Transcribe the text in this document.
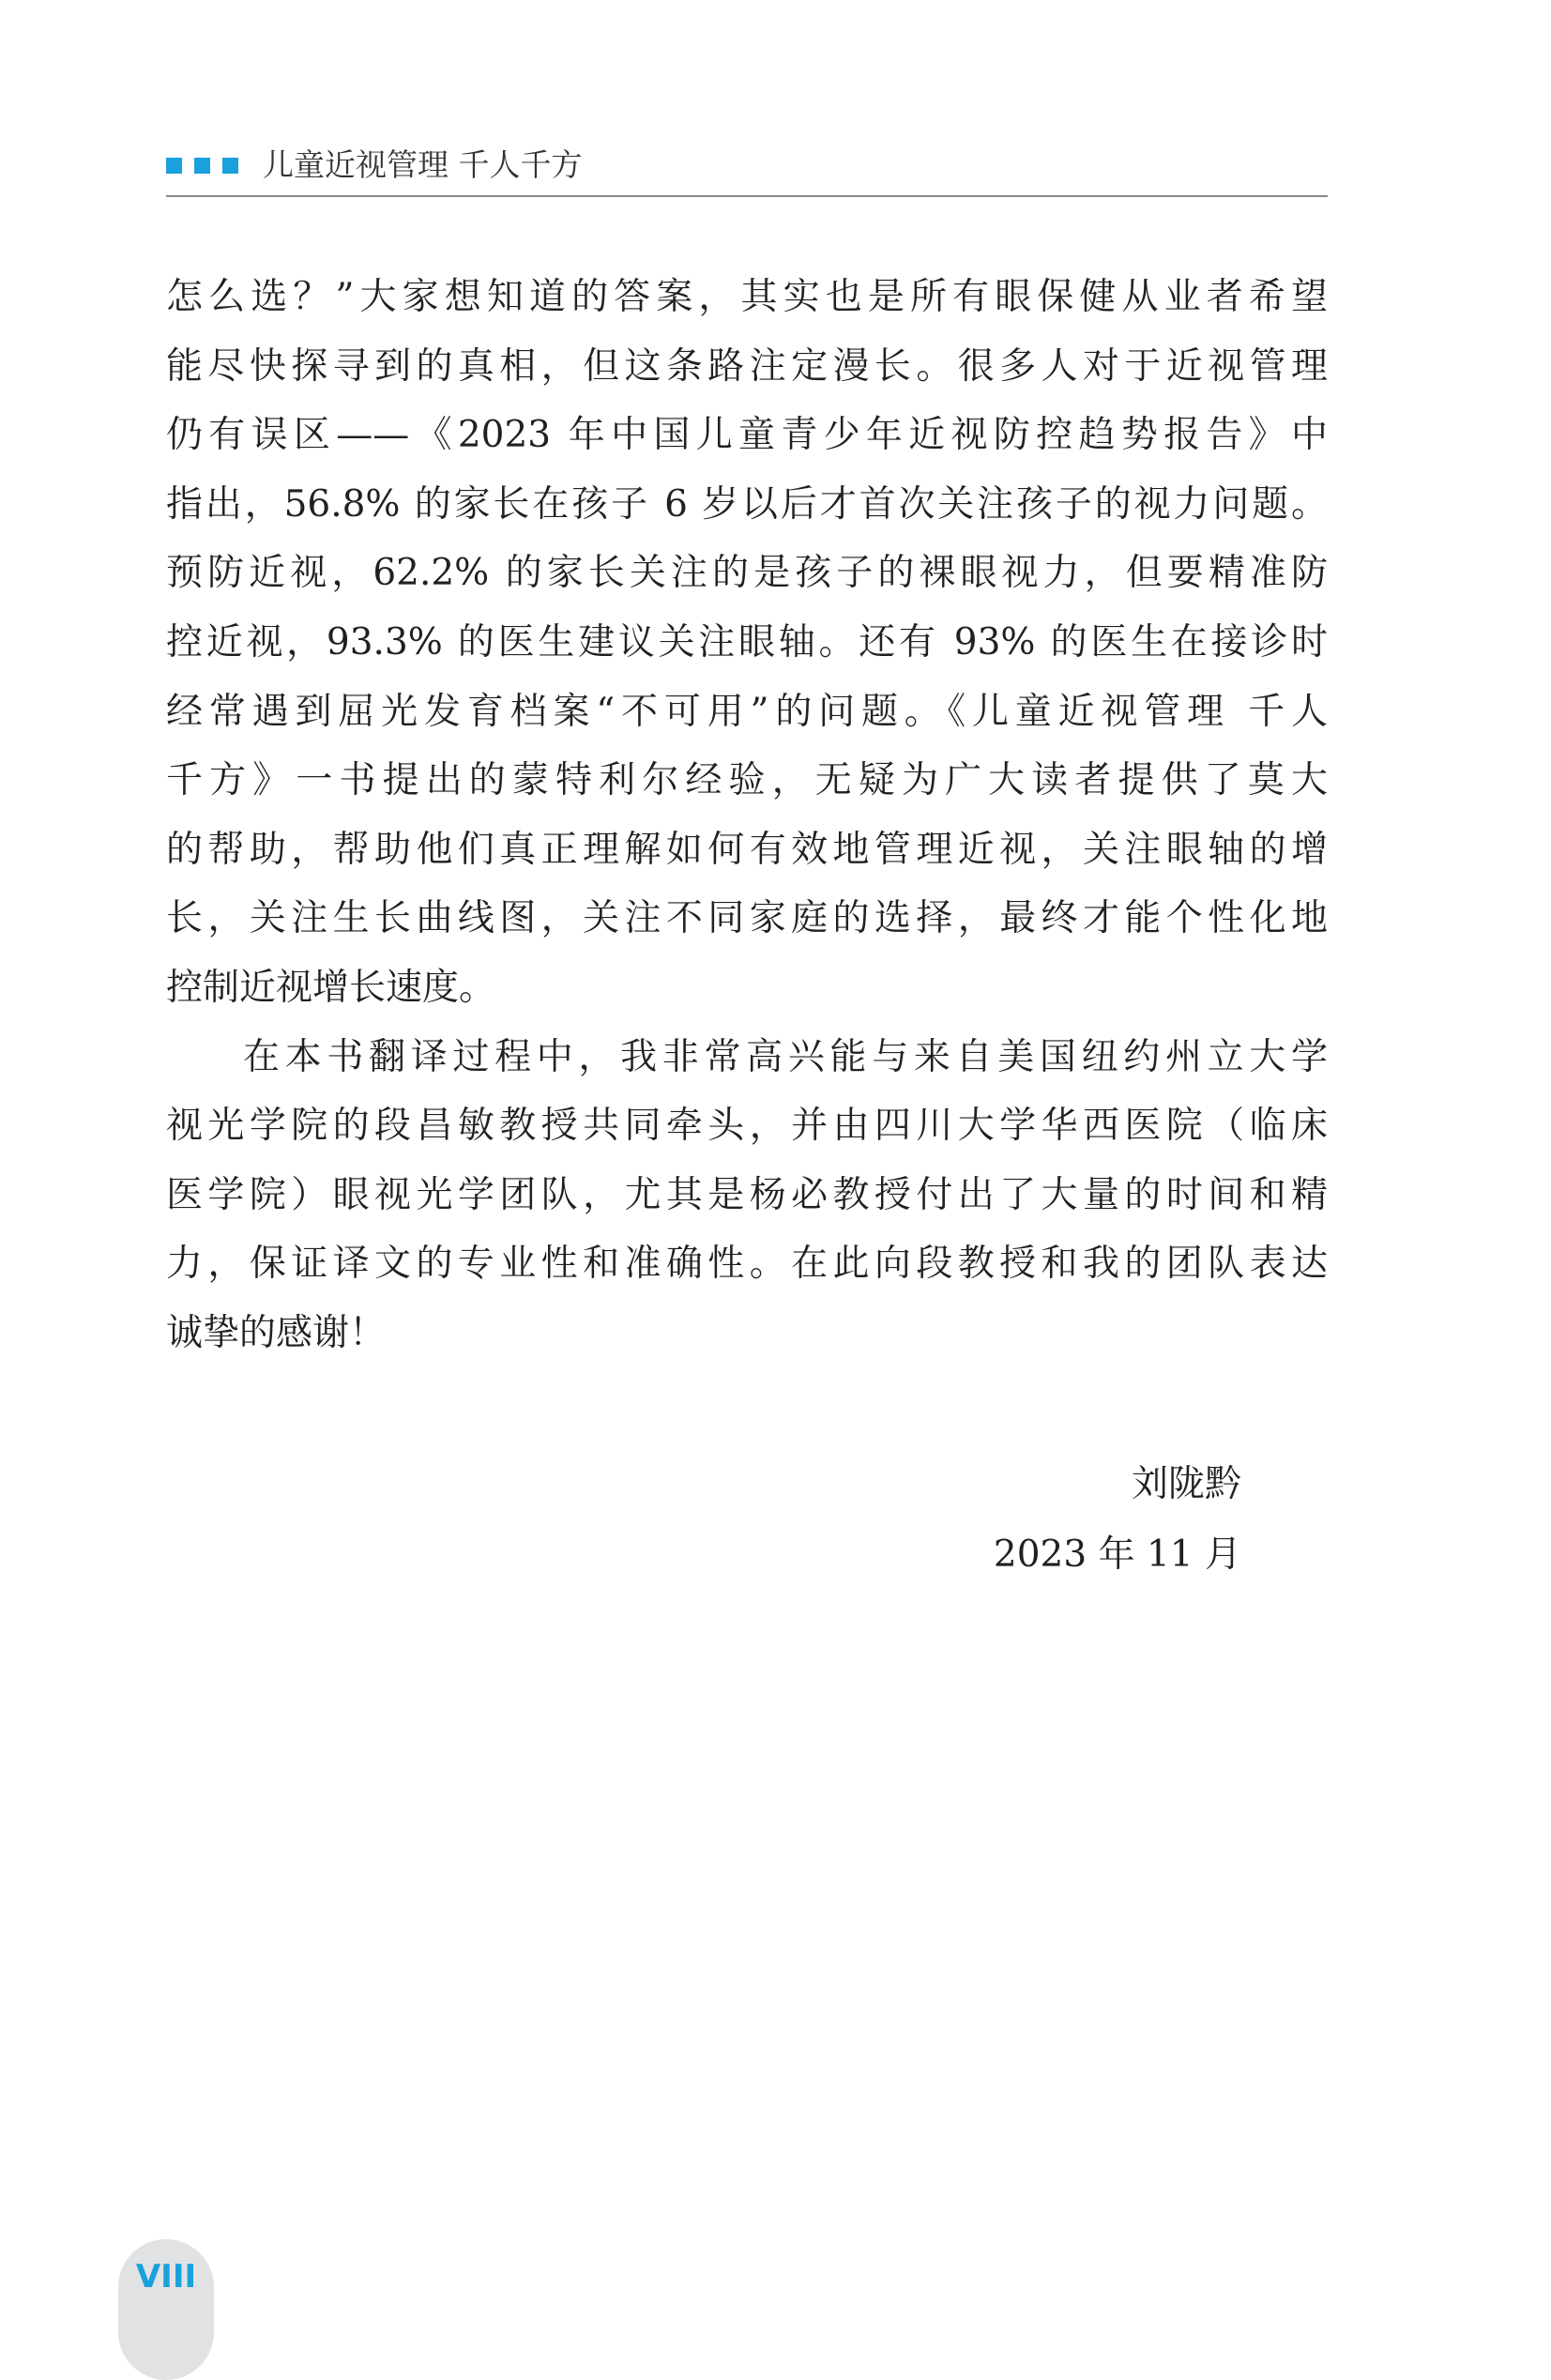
儿童近视管理 千人千方
怎么选？”大家想知道的答案，其实也是所有眼保健从业者希望
能尽快探寻到的真相，但这条路注定漫长。很多人对于近视管理
仍有误区——《2023 年中国儿童青少年近视防控趋势报告》中
指出，56.8% 的家长在孩子 6 岁以后才首次关注孩子的视力问题。
预防近视，62.2% 的家长关注的是孩子的裸眼视力，但要精准防
控近视，93.3% 的医生建议关注眼轴。还有 93% 的医生在接诊时
经常遇到屈光发育档案“不可用”的问题。《儿童近视管理 千人
千方》一书提出的蒙特利尔经验，无疑为广大读者提供了莫大
的帮助，帮助他们真正理解如何有效地管理近视，关注眼轴的增
长，关注生长曲线图，关注不同家庭的选择，最终才能个性化地
控制近视增长速度。
在本书翻译过程中，我非常高兴能与来自美国纽约州立大学
视光学院的段昌敏教授共同牵头，并由四川大学华西医院（临床
医学院）眼视光学团队，尤其是杨必教授付出了大量的时间和精
力，保证译文的专业性和准确性。在此向段教授和我的团队表达
诚挚的感谢！
刘陇黔
2023 年 11 月
VIII
